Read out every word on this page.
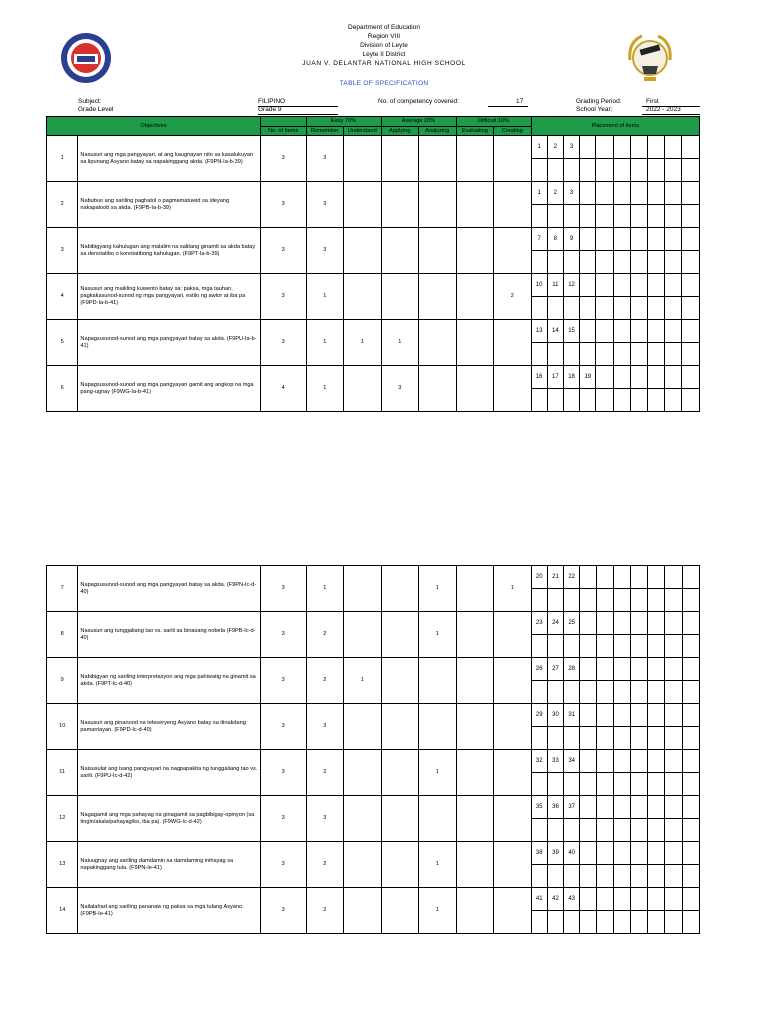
Department of Education
Region VIII
Division of Leyte
Leyte II District
JUAN V. DELANTAR NATIONAL HIGH SCHOOL
TABLE OF SPECIFICATION
Subject:
Grade Level
FILIPINO
Grade 9
No. of competency covered:	17	Grading Period:
School Year:
First
2022 - 2023
Objectives			Easy 70%		Average 20%		Difficult 10%		Placement of items									
		No. of Items	Remember	Understand	Applying	Analyzing	Evaluating	Creating										
1	Nasusuri ang mga pangyayari, at ang kaugnayan nito sa kasalukuyan sa lipunang Asyano batay sa napakinggang akda. (F9PN-Ia-b-39)	3	3						1	2	3							

2	Nabubuo ang sariling paghatol o pagmamatuwid sa ideyang nakapaloob sa akda. (F9PB-Ia-b-39)	3	3						1	2	3							

3	Nabibigyang kahulugan ang malalim na salitang ginamit sa akda batay sa denotatibo o konotatibong kahulugan. (F9PT-Ia-b-39)	3	3						7	8	9							

4	Nasusuri ang maikling kuwento batay sa: paksa, mga tauhan, pagkakasunod-sunod ng mga pangyayari, estilo ng awtor at iba pa (F9PD-Ia-b-41)	3	1					2	10	11	12							

5	Napagsusunod-sunod ang mga pangyayari batay sa akda. (F9PU-Ia-b-41)	3	1	1	1				13	14	15							

6	Napagsusunod-sunod ang mga pangyayari gamit ang angkop na mga pang-ugnay (F9WG-Ia-b-41)	4	1		3				16	17	18	19						

7	Napagsusunod-sunod ang mga pangyayari batay sa akda. (F9PN-Ic-d-40)	3	1			1		1	20	21	22							

8	Nasusuri ang tunggaliang tao vs. sarili sa binasang nobela (F9PB-Ic-d-40)	3	2			1			23	24	25							

9	Nabibigyan ng sariling interpretasyon ang mga pahiwatig na ginamit sa akda. (F9PT-Ic-d-40)	3	2	1					26	27	28							

10	Nasusuri ang pinanood na teleseryeng Asyano batay sa itinakdang pamantayan. (F9PD-Ic-d-40)	3	3						29	30	31							

11	Naisusulat ang isang pangyayari na nagpapakita ng tunggaliang tao vs. sarili. (F9PU-Ic-d-42)	3	2			1			32	33	34							

12	Nagagamit ang mga pahayag na ginagamit sa pagbibigay-opinyon (sa tingin/akala/pahayag/ko, iba pa). (F9WG-Ic-d-42)	3	3						35	36	37							

13	Naiuugnay ang sariling damdamin sa damdaming inihayag sa napakinggang tula. (F9PN-Ie-41)	3	2			1			38	39	40							

14	Nailalahad ang sariling pananaw ng paksa sa mga tulang Asyano.(F9PB-Ie-41)	3	2			1			41	42	43							
